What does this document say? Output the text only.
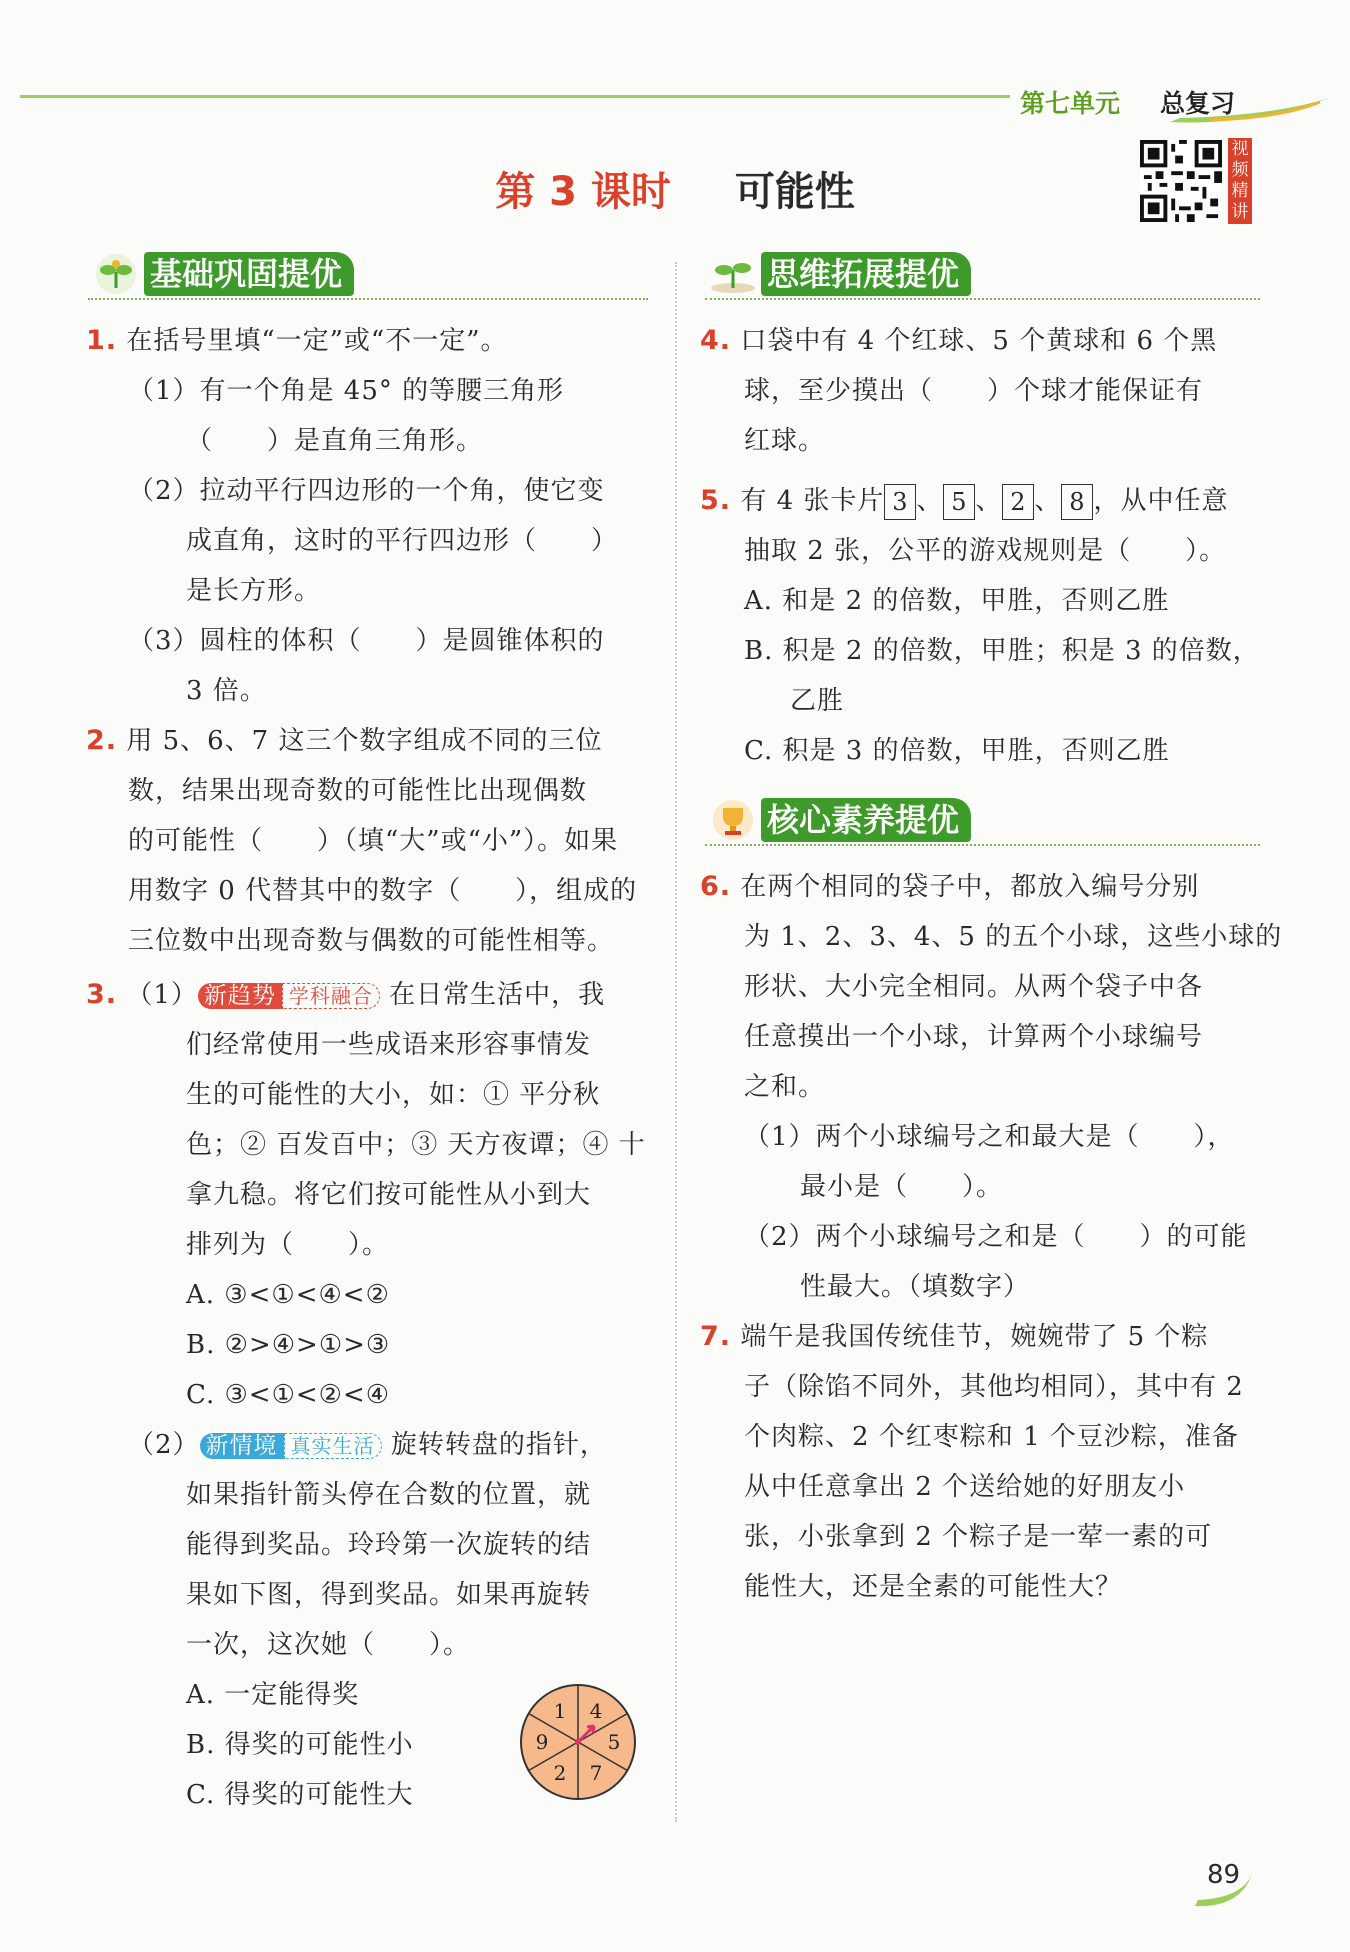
第七单元 总复习
第 3 课时 可能性
视频精讲
基础巩固提优
1. 在括号里填“一定”或“不一定”。
（1）有一个角是 45° 的等腰三角形
（　　）是直角三角形。
（2）拉动平行四边形的一个角，使它变
成直角，这时的平行四边形（　　）
是长方形。
（3）圆柱的体积（　　）是圆锥体积的
3 倍。
2. 用 5、6、7 这三个数字组成不同的三位
数，结果出现奇数的可能性比出现偶数
的可能性（　　）（填“大”或“小”）。如果
用数字 0 代替其中的数字（　　），组成的
三位数中出现奇数与偶数的可能性相等。
3. （1） 新趋势 学科融合 在日常生活中，我
们经常使用一些成语来形容事情发
生的可能性的大小，如：① 平分秋
色；② 百发百中；③ 天方夜谭；④ 十
拿九稳。将它们按可能性从小到大
排列为（　　）。
A. ③<①<④<②
B. ②>④>①>③
C. ③<①<②<④
（2） 新情境 真实生活 旋转转盘的指针，
如果指针箭头停在合数的位置，就
能得到奖品。玲玲第一次旋转的结
果如下图，得到奖品。如果再旋转
一次，这次她（　　）。
A. 一定能得奖
B. 得奖的可能性小
C. 得奖的可能性大
1 4
5
7
2
9
思维拓展提优
4. 口袋中有 4 个红球、5 个黄球和 6 个黑
球，至少摸出（　　）个球才能保证有
红球。
5. 有 4 张卡片 3 、 5 、 2 、 8 ，从中任意
抽取 2 张，公平的游戏规则是（　　）。
A. 和是 2 的倍数，甲胜，否则乙胜
B. 积是 2 的倍数，甲胜；积是 3 的倍数，
乙胜
C. 积是 3 的倍数，甲胜，否则乙胜
核心素养提优
6. 在两个相同的袋子中，都放入编号分别
为 1、2、3、4、5 的五个小球，这些小球的
形状、大小完全相同。从两个袋子中各
任意摸出一个小球，计算两个小球编号
之和。
（1）两个小球编号之和最大是（　　），
最小是（　　）。
（2）两个小球编号之和是（　　）的可能
性最大。（填数字）
7. 端午是我国传统佳节，婉婉带了 5 个粽
子（除馅不同外，其他均相同），其中有 2
个肉粽、2 个红枣粽和 1 个豆沙粽，准备
从中任意拿出 2 个送给她的好朋友小
张，小张拿到 2 个粽子是一荤一素的可
能性大，还是全素的可能性大？
89
